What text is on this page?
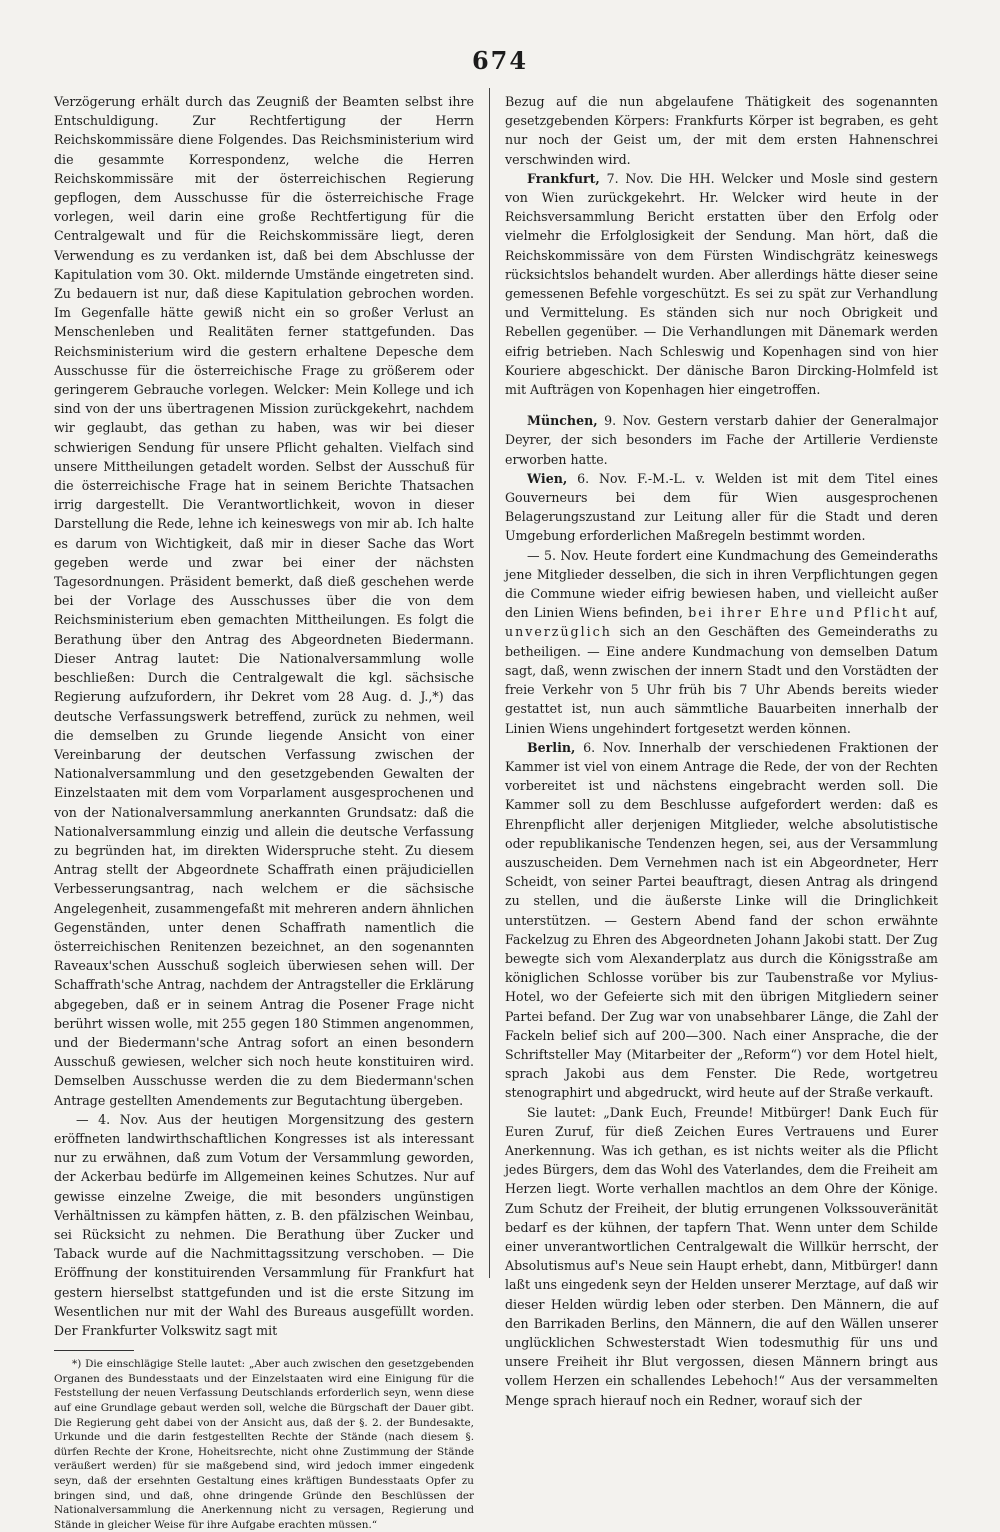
674

Verzögerung erhält durch das Zeugniß der Beamten selbst ihre Entschuldigung. Zur Rechtfertigung der Herrn Reichskommissäre diene Folgendes. Das Reichsministerium wird die gesammte Korrespondenz, welche die Herren Reichskommissäre mit der österreichischen Regierung gepflogen, dem Ausschusse für die österreichische Frage vorlegen, weil darin eine große Rechtfertigung für die Centralgewalt und für die Reichskommissäre liegt, deren Verwendung es zu verdanken ist, daß bei dem Abschlusse der Kapitulation vom 30. Okt. mildernde Umstände eingetreten sind. Zu bedauern ist nur, daß diese Kapitulation gebrochen worden. Im Gegenfalle hätte gewiß nicht ein so großer Verlust an Menschenleben und Realitäten ferner stattgefunden. Das Reichsministerium wird die gestern erhaltene Depesche dem Ausschusse für die österreichische Frage zu größerem oder geringerem Gebrauche vorlegen. Welcker: Mein Kollege und ich sind von der uns übertragenen Mission zurückgekehrt, nachdem wir geglaubt, das gethan zu haben, was wir bei dieser schwierigen Sendung für unsere Pflicht gehalten. Vielfach sind unsere Mittheilungen getadelt worden. Selbst der Ausschuß für die österreichische Frage hat in seinem Berichte Thatsachen irrig dargestellt. Die Verantwortlichkeit, wovon in dieser Darstellung die Rede, lehne ich keineswegs von mir ab. Ich halte es darum von Wichtigkeit, daß mir in dieser Sache das Wort gegeben werde und zwar bei einer der nächsten Tagesordnungen. Präsident bemerkt, daß dieß geschehen werde bei der Vorlage des Ausschusses über die von dem Reichsministerium eben gemachten Mittheilungen. Es folgt die Berathung über den Antrag des Abgeordneten Biedermann. Dieser Antrag lautet: Die Nationalversammlung wolle beschließen: Durch die Centralgewalt die kgl. sächsische Regierung aufzufordern, ihr Dekret vom 28 Aug. d. J.,*) das deutsche Verfassungswerk betreffend, zurück zu nehmen, weil die demselben zu Grunde liegende Ansicht von einer Vereinbarung der deutschen Verfassung zwischen der Nationalversammlung und den gesetzgebenden Gewalten der Einzelstaaten mit dem vom Vorparlament ausgesprochenen und von der Nationalversammlung anerkannten Grundsatz: daß die Nationalversammlung einzig und allein die deutsche Verfassung zu begründen hat, im direkten Widerspruche steht. Zu diesem Antrag stellt der Abgeordnete Schaffrath einen präjudiciellen Verbesserungsantrag, nach welchem er die sächsische Angelegenheit, zusammengefaßt mit mehreren andern ähnlichen Gegenständen, unter denen Schaffrath namentlich die österreichischen Renitenzen bezeichnet, an den sogenannten Raveaux'schen Ausschuß sogleich überwiesen sehen will. Der Schaffrath'sche Antrag, nachdem der Antragsteller die Erklärung abgegeben, daß er in seinem Antrag die Posener Frage nicht berührt wissen wolle, mit 255 gegen 180 Stimmen angenommen, und der Biedermann'sche Antrag sofort an einen besondern Ausschuß gewiesen, welcher sich noch heute konstituiren wird. Demselben Ausschusse werden die zu dem Biedermann'schen Antrage gestellten Amendements zur Begutachtung übergeben.

— 4. Nov. Aus der heutigen Morgensitzung des gestern eröffneten landwirthschaftlichen Kongresses ist als interessant nur zu erwähnen, daß zum Votum der Versammlung geworden, der Ackerbau bedürfe im Allgemeinen keines Schutzes. Nur auf gewisse einzelne Zweige, die mit besonders ungünstigen Verhältnissen zu kämpfen hätten, z. B. den pfälzischen Weinbau, sei Rücksicht zu nehmen. Die Berathung über Zucker und Taback wurde auf die Nachmittagssitzung verschoben. — Die Eröffnung der konstituirenden Versammlung für Frankfurt hat gestern hierselbst stattgefunden und ist die erste Sitzung im Wesentlichen nur mit der Wahl des Bureaus ausgefüllt worden. Der Frankfurter Volkswitz sagt mit

*) Die einschlägige Stelle lautet: „Aber auch zwischen den gesetzgebenden Organen des Bundesstaats und der Einzelstaaten wird eine Einigung für die Feststellung der neuen Verfassung Deutschlands erforderlich seyn, wenn diese auf eine Grundlage gebaut werden soll, welche die Bürgschaft der Dauer gibt. Die Regierung geht dabei von der Ansicht aus, daß der §. 2. der Bundesakte, Urkunde und die darin festgestellten Rechte der Stände (nach diesem §. dürfen Rechte der Krone, Hoheitsrechte, nicht ohne Zustimmung der Stände veräußert werden) für sie maßgebend sind, wird jedoch immer eingedenk seyn, daß der ersehnten Gestaltung eines kräftigen Bundesstaats Opfer zu bringen sind, und daß, ohne dringende Gründe den Beschlüssen der Nationalversammlung die Anerkennung nicht zu versagen, Regierung und Stände in gleicher Weise für ihre Aufgabe erachten müssen.“

Bezug auf die nun abgelaufene Thätigkeit des sogenannten gesetzgebenden Körpers: Frankfurts Körper ist begraben, es geht nur noch der Geist um, der mit dem ersten Hahnenschrei verschwinden wird.

Frankfurt, 7. Nov. Die HH. Welcker und Mosle sind gestern von Wien zurückgekehrt. Hr. Welcker wird heute in der Reichsversammlung Bericht erstatten über den Erfolg oder vielmehr die Erfolglosigkeit der Sendung. Man hört, daß die Reichskommissäre von dem Fürsten Windischgrätz keineswegs rücksichtslos behandelt wurden. Aber allerdings hätte dieser seine gemessenen Befehle vorgeschützt. Es sei zu spät zur Verhandlung und Vermittelung. Es ständen sich nur noch Obrigkeit und Rebellen gegenüber. — Die Verhandlungen mit Dänemark werden eifrig betrieben. Nach Schleswig und Kopenhagen sind von hier Kouriere abgeschickt. Der dänische Baron Dircking-Holmfeld ist mit Aufträgen von Kopenhagen hier eingetroffen.

München, 9. Nov. Gestern verstarb dahier der Generalmajor Deyrer, der sich besonders im Fache der Artillerie Verdienste erworben hatte.

Wien, 6. Nov. F.-M.-L. v. Welden ist mit dem Titel eines Gouverneurs bei dem für Wien ausgesprochenen Belagerungszustand zur Leitung aller für die Stadt und deren Umgebung erforderlichen Maßregeln bestimmt worden.

— 5. Nov. Heute fordert eine Kundmachung des Gemeinderaths jene Mitglieder desselben, die sich in ihren Verpflichtungen gegen die Commune wieder eifrig bewiesen haben, und vielleicht außer den Linien Wiens befinden, bei ihrer Ehre und Pflicht auf, unverzüglich sich an den Geschäften des Gemeinderaths zu betheiligen. — Eine andere Kundmachung von demselben Datum sagt, daß, wenn zwischen der innern Stadt und den Vorstädten der freie Verkehr von 5 Uhr früh bis 7 Uhr Abends bereits wieder gestattet ist, nun auch sämmtliche Bauarbeiten innerhalb der Linien Wiens ungehindert fortgesetzt werden können.

Berlin, 6. Nov. Innerhalb der verschiedenen Fraktionen der Kammer ist viel von einem Antrage die Rede, der von der Rechten vorbereitet ist und nächstens eingebracht werden soll. Die Kammer soll zu dem Beschlusse aufgefordert werden: daß es Ehrenpflicht aller derjenigen Mitglieder, welche absolutistische oder republikanische Tendenzen hegen, sei, aus der Versammlung auszuscheiden. Dem Vernehmen nach ist ein Abgeordneter, Herr Scheidt, von seiner Partei beauftragt, diesen Antrag als dringend zu stellen, und die äußerste Linke will die Dringlichkeit unterstützen. — Gestern Abend fand der schon erwähnte Fackelzug zu Ehren des Abgeordneten Johann Jakobi statt. Der Zug bewegte sich vom Alexanderplatz aus durch die Königsstraße am königlichen Schlosse vorüber bis zur Taubenstraße vor Mylius-Hotel, wo der Gefeierte sich mit den übrigen Mitgliedern seiner Partei befand. Der Zug war von unabsehbarer Länge, die Zahl der Fackeln belief sich auf 200—300. Nach einer Ansprache, die der Schriftsteller May (Mitarbeiter der „Reform“) vor dem Hotel hielt, sprach Jakobi aus dem Fenster. Die Rede, wortgetreu stenographirt und abgedruckt, wird heute auf der Straße verkauft.

Sie lautet: „Dank Euch, Freunde! Mitbürger! Dank Euch für Euren Zuruf, für dieß Zeichen Eures Vertrauens und Eurer Anerkennung. Was ich gethan, es ist nichts weiter als die Pflicht jedes Bürgers, dem das Wohl des Vaterlandes, dem die Freiheit am Herzen liegt. Worte verhallen machtlos an dem Ohre der Könige. Zum Schutz der Freiheit, der blutig errungenen Volkssouveränität bedarf es der kühnen, der tapfern That. Wenn unter dem Schilde einer unverantwortlichen Centralgewalt die Willkür herrscht, der Absolutismus auf's Neue sein Haupt erhebt, dann, Mitbürger! dann laßt uns eingedenk seyn der Helden unserer Merztage, auf daß wir dieser Helden würdig leben oder sterben. Den Männern, die auf den Barrikaden Berlins, den Männern, die auf den Wällen unserer unglücklichen Schwesterstadt Wien todesmuthig für uns und unsere Freiheit ihr Blut vergossen, diesen Männern bringt aus vollem Herzen ein schallendes Lebehoch!“ Aus der versammelten Menge sprach hierauf noch ein Redner, worauf sich der
